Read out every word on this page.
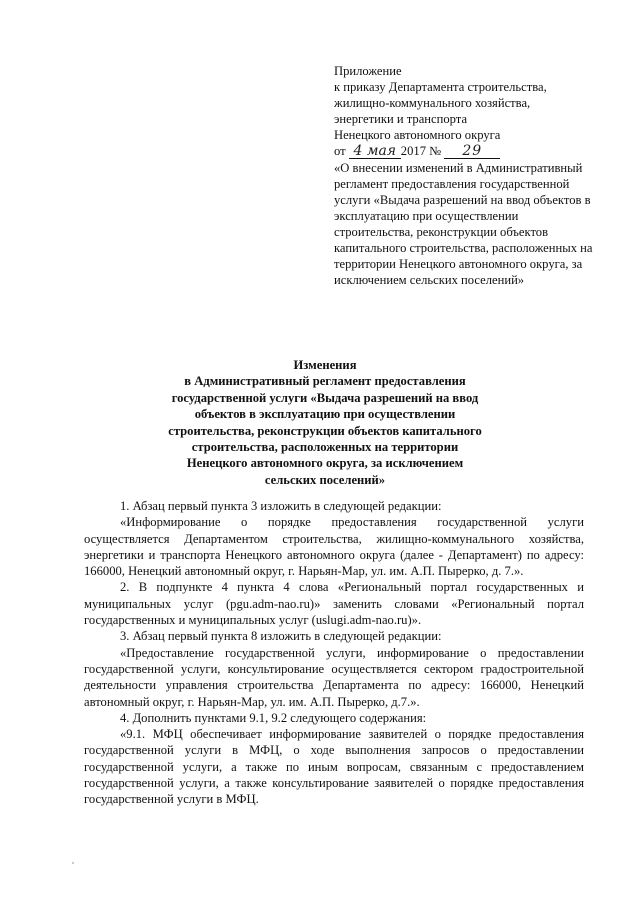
Приложение
к приказу Департамента строительства,
жилищно-коммунального хозяйства,
энергетики и транспорта
Ненецкого автономного округа
от 4 мая 2017 № 29
«О внесении изменений в Административный регламент предоставления государственной услуги «Выдача разрешений на ввод объектов в эксплуатацию при осуществлении строительства, реконструкции объектов капитального строительства, расположенных на территории Ненецкого автономного округа, за исключением сельских поселений»
Изменения
в Административный регламент предоставления государственной услуги «Выдача разрешений на ввод объектов в эксплуатацию при осуществлении строительства, реконструкции объектов капитального строительства, расположенных на территории Ненецкого автономного округа, за исключением сельских поселений»

1. Абзац первый пункта 3 изложить в следующей редакции:

«Информирование о порядке предоставления государственной услуги осуществляется Департаментом строительства, жилищно-коммунального хозяйства, энергетики и транспорта Ненецкого автономного округа (далее - Департамент) по адресу: 166000, Ненецкий автономный округ, г. Нарьян-Мар, ул. им. А.П. Пырерко, д. 7.».

2. В подпункте 4 пункта 4 слова «Региональный портал государственных и муниципальных услуг (pgu.adm-nao.ru)» заменить словами «Региональный портал государственных и муниципальных услуг (uslugi.adm-nao.ru)».

3. Абзац первый пункта 8 изложить в следующей редакции:

«Предоставление государственной услуги, информирование о предоставлении государственной услуги, консультирование осуществляется сектором градостроительной деятельности управления строительства Департамента по адресу: 166000, Ненецкий автономный округ, г. Нарьян-Мар, ул. им. А.П. Пырерко, д.7.».

4. Дополнить пунктами 9.1, 9.2 следующего содержания:

«9.1. МФЦ обеспечивает информирование заявителей о порядке предоставления государственной услуги в МФЦ, о ходе выполнения запросов о предоставлении государственной услуги, а также по иным вопросам, связанным с предоставлением государственной услуги, а также консультирование заявителей о порядке предоставления государственной услуги в МФЦ.
